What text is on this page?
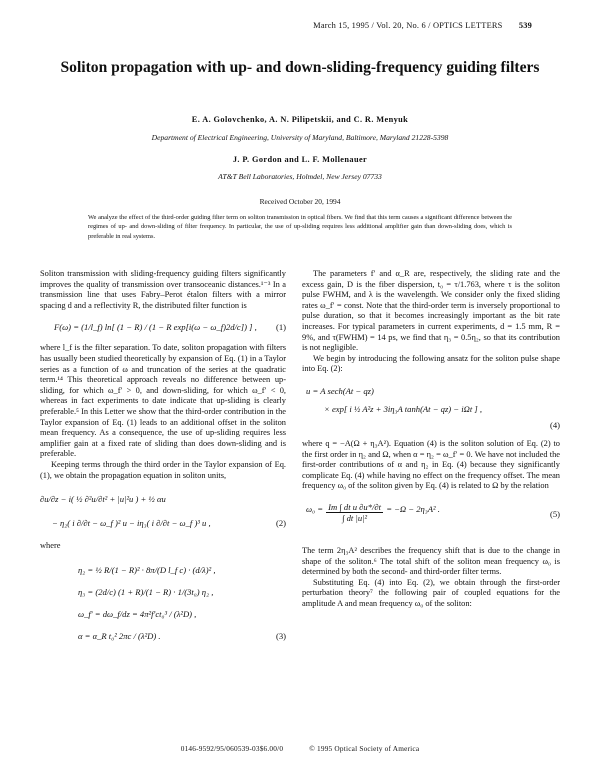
March 15, 1995 / Vol. 20, No. 6 / OPTICS LETTERS 539
Soliton propagation with up- and down-sliding-frequency guiding filters
E. A. Golovchenko, A. N. Pilipetskii, and C. R. Menyuk
Department of Electrical Engineering, University of Maryland, Baltimore, Maryland 21228-5398
J. P. Gordon and L. F. Mollenauer
AT&T Bell Laboratories, Holmdel, New Jersey 07733
Received October 20, 1994
We analyze the effect of the third-order guiding filter term on soliton transmission in optical fibers. We find that this term causes a significant difference between the regimes of up- and down-sliding of filter frequency. In particular, the use of up-sliding requires less additional amplifier gain than down-sliding does, which is preferable in real systems.

Soliton transmission with sliding-frequency guiding filters significantly improves the quality of transmission over transoceanic distances.¹⁻³ In a transmission line that uses Fabry–Perot étalon filters with a mirror spacing d and a reflectivity R, the distributed filter function is

F(ω) = (1/l_f) ln[ (1 − R) / (1 − R exp[i(ω − ω_f)2d/c]) ] , (1)

where l_f is the filter separation. To date, soliton propagation with filters has usually been studied theoretically by expansion of Eq. (1) in a Taylor series as a function of ω and truncation of the series at the quadratic term.¹⁴ This theoretical approach reveals no difference between up-sliding, for which ω_f′ > 0, and down-sliding, for which ω_f′ < 0, whereas in fact experiments to date indicate that up-sliding is clearly preferable.⁵ In this Letter we show that the third-order contribution in the Taylor expansion of Eq. (1) leads to an additional offset in the soliton mean frequency. As a consequence, the use of up-sliding requires less amplifier gain at a fixed rate of sliding than does down-sliding and is preferable.

Keeping terms through the third order in the Taylor expansion of Eq. (1), we obtain the propagation equation in soliton units,

∂u/∂z − i( ½ ∂²u/∂t² + |u|²u ) + ½ αu
− η₂( i ∂/∂t − ω_f )² u − iη₃( i ∂/∂t − ω_f )³ u ,	(2)

where

η₂ = ½ R/(1 − R)² · 8π/(D l_f c) · (d/λ)² ,
η₃ = (2d/c) (1 + R)/(1 − R) · 1/(3t₀) η₂ ,
ω_f′ = dω_f/dz = 4π²f′ct₀³ / (λ²D) ,
α = α_R t₀² 2πc / (λ²D) .	(3)

The parameters f′ and α_R are, respectively, the sliding rate and the excess gain, D is the fiber dispersion, t₀ = τ/1.763, where τ is the soliton pulse FWHM, and λ is the wavelength. We consider only the fixed sliding rates ω_f′ = const. Note that the third-order term is inversely proportional to pulse duration, so that it becomes increasingly important as the bit rate increases. For typical parameters in current experiments, d = 1.5 mm, R = 9%, and τ(FWHM) = 14 ps, we find that η₃ = 0.5η₂, so that its contribution is not negligible.

We begin by introducing the following ansatz for the soliton pulse shape into Eq. (2):

u = A sech(At − qz)
× exp[ i ½ A²z + 3iη₃A tanh(At − qz) − iΩt ] ,
(4)

where q = −A(Ω + η₃A²). Equation (4) is the soliton solution of Eq. (2) to the first order in η₂ and Ω, when α = η₂ = ω_f′ = 0. We have not included the first-order contributions of α and η₂ in Eq. (4) because they significantly complicate Eq. (4) while having no effect on the frequency offset. The mean frequency ω₀ of the soliton given by Eq. (4) is related to Ω by the relation

$\omega_0 = \frac{\text{Im ∫ dt u ∂u*/∂t}}{\text{∫ dt |u|²}} = -\Omega - 2\eta_3A^2$ .	(5)

The term 2η₃A² describes the frequency shift that is due to the change in shape of the soliton.⁶ The total shift of the soliton mean frequency ω₀ is determined by both the second- and third-order filter terms.

Substituting Eq. (4) into Eq. (2), we obtain through the first-order perturbation theory⁷ the following pair of coupled equations for the amplitude A and mean frequency ω₀ of the soliton:

0146-9592/95/060539-03$6.00/0	© 1995 Optical Society of America
